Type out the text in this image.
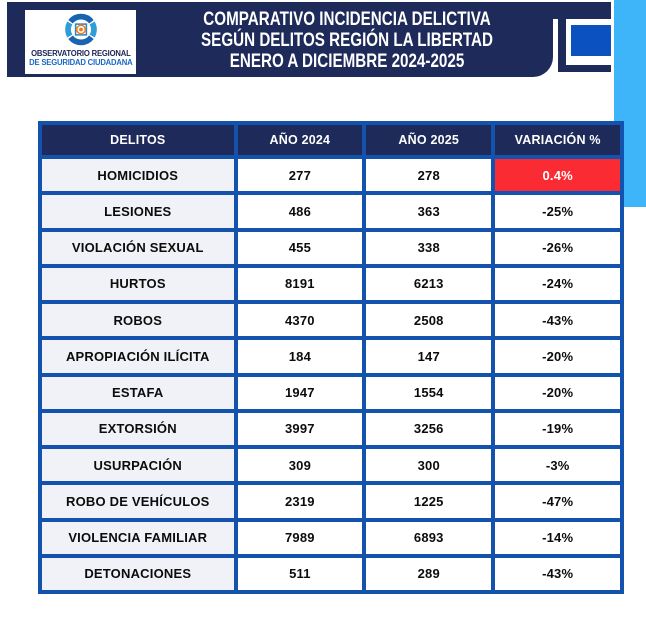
COMPARATIVO INCIDENCIA DELICTIVA
SEGÚN DELITOS REGIÓN LA LIBERTAD
ENERO A DICIEMBRE 2024-2025
OBSERVATORIO REGIONAL
DE SEGURIDAD CIUDADANA
DELITOS	AÑO 2024	AÑO 2025	VARIACIÓN %
HOMICIDIOS	277	278	0.4%
LESIONES	486	363	-25%
VIOLACIÓN SEXUAL	455	338	-26%
HURTOS	8191	6213	-24%
ROBOS	4370	2508	-43%
APROPIACIÓN ILÍCITA	184	147	-20%
ESTAFA	1947	1554	-20%
EXTORSIÓN	3997	3256	-19%
USURPACIÓN	309	300	-3%
ROBO DE VEHÍCULOS	2319	1225	-47%
VIOLENCIA FAMILIAR	7989	6893	-14%
DETONACIONES	511	289	-43%
